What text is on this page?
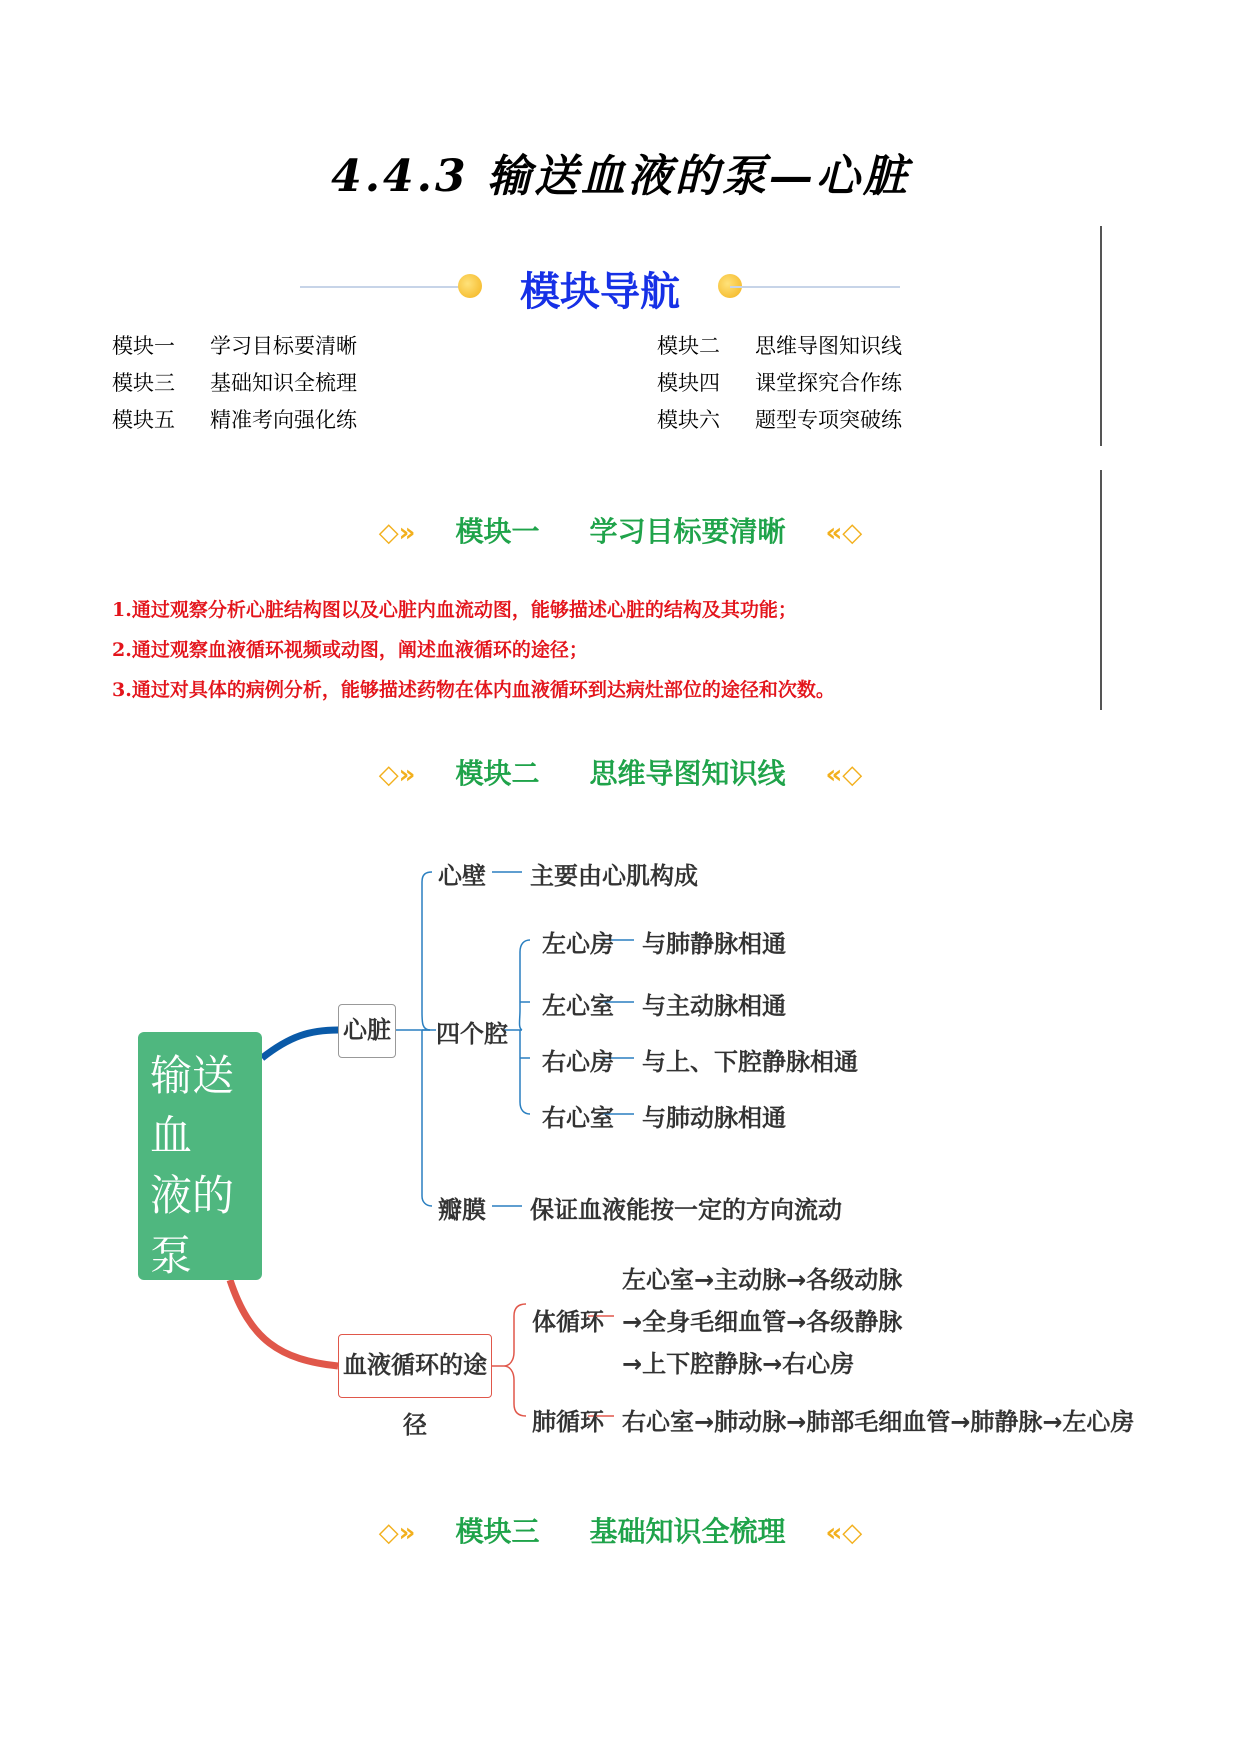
4.4.3 输送血液的泵—心脏
模块导航
模块一 学习目标要清晰	模块二 思维导图知识线
模块三 基础知识全梳理	模块四 课堂探究合作练
模块五 精准考向强化练	模块六 题型专项突破练
◇» 模块一 学习目标要清晰 «◇
1.通过观察分析心脏结构图以及心脏内血流动图，能够描述心脏的结构及其功能；
2.通过观察血液循环视频或动图，阐述血液循环的途径；
3.通过对具体的病例分析，能够描述药物在体内血液循环到达病灶部位的途径和次数。
◇» 模块二 思维导图知识线 «◇
输送血
液的泵
—心脏
心脏
心壁 主要由心肌构成
四个腔
左心房 与肺静脉相通
左心室 与主动脉相通
右心房 与上、下腔静脉相通
右心室 与肺动脉相通
瓣膜 保证血液能按一定的方向流动
血液循环的途径
体循环
左心室→主动脉→各级动脉
→全身毛细血管→各级静脉
→上下腔静脉→右心房
肺循环 右心室→肺动脉→肺部毛细血管→肺静脉→左心房
◇» 模块三 基础知识全梳理 «◇
